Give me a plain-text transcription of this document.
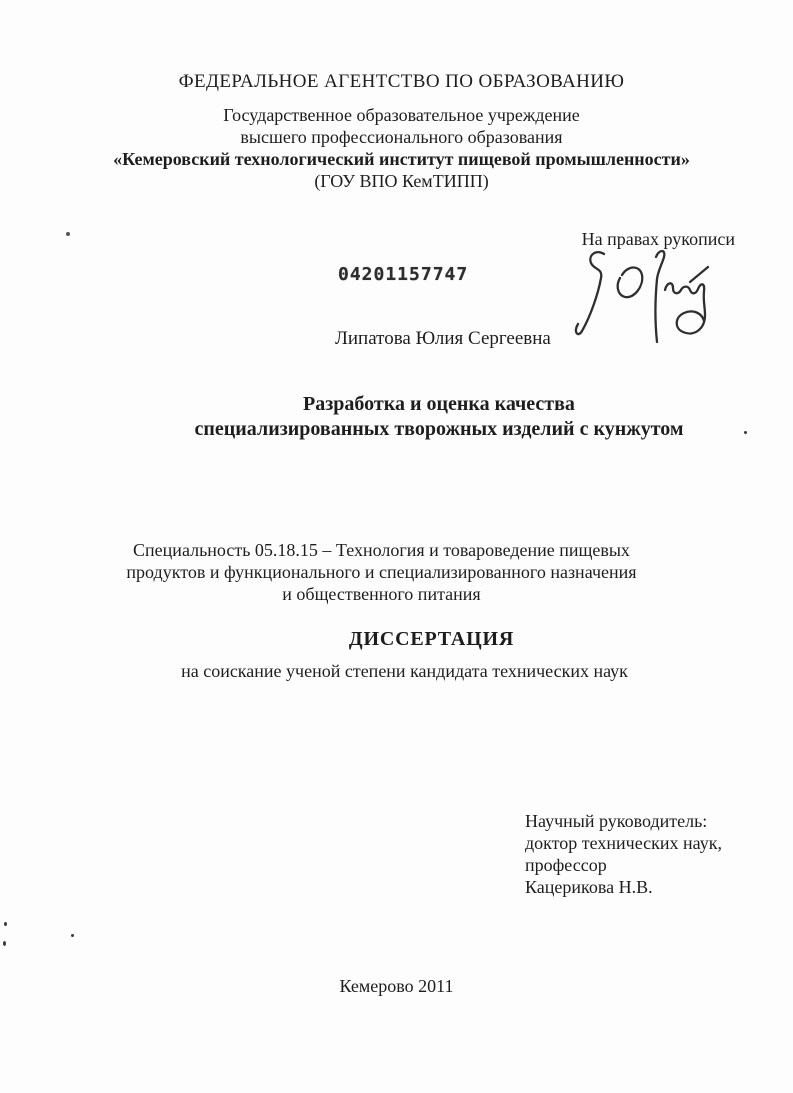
ФЕДЕРАЛЬНОЕ АГЕНТСТВО ПО ОБРАЗОВАНИЮ
Государственное образовательное учреждение
высшего профессионального образования
«Кемеровский технологический институт пищевой промышленности»
(ГОУ ВПО КемТИПП)
На правах рукописи
04201157747
Липатова Юлия Сергеевна
Разработка и оценка качества
специализированных творожных изделий с кунжутом
Специальность 05.18.15 – Технология и товароведение пищевых
продуктов и функционального и специализированного назначения
и общественного питания
ДИССЕРТАЦИЯ
на соискание ученой степени кандидата технических наук
Научный руководитель:
доктор технических наук,
профессор
Кацерикова Н.В.
Кемерово 2011
